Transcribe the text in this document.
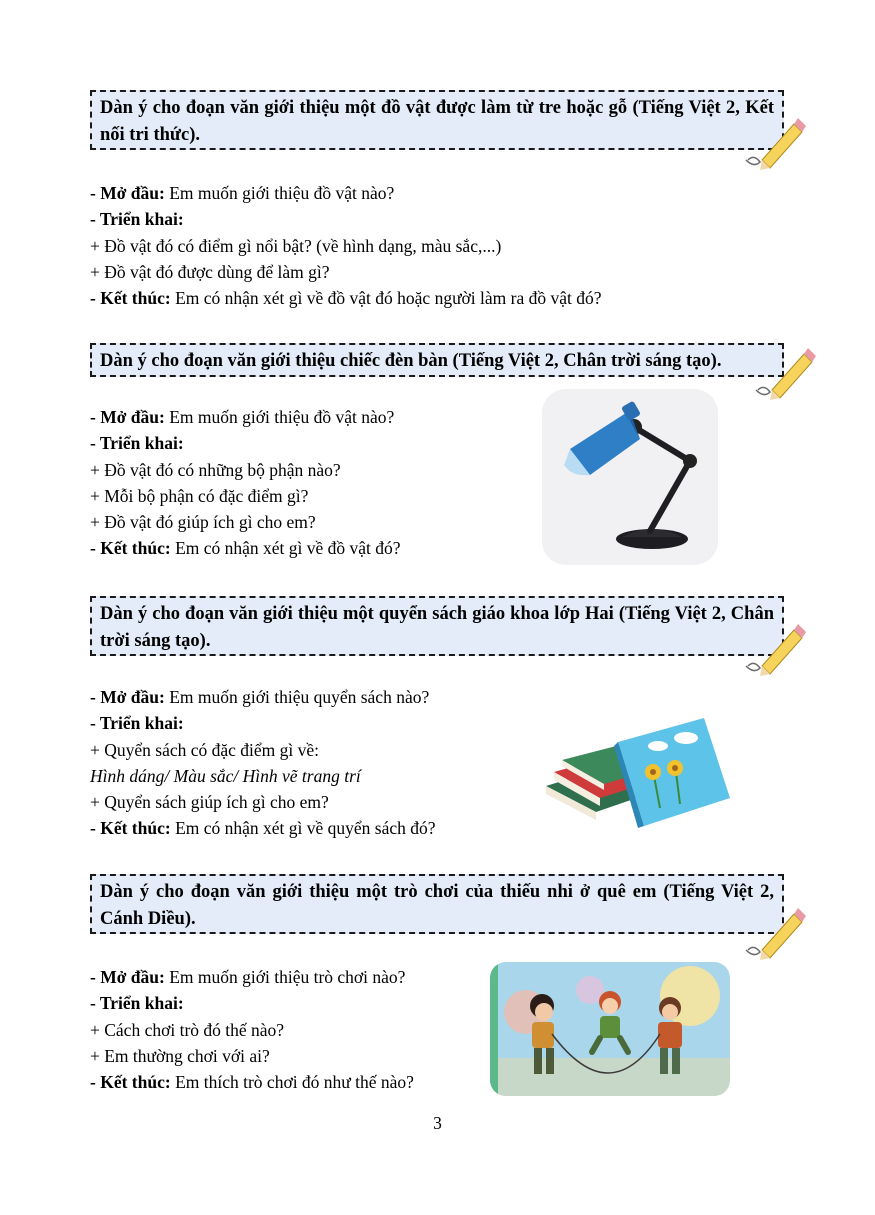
Dàn ý cho đoạn văn giới thiệu một đồ vật được làm từ tre hoặc gỗ (Tiếng Việt 2, Kết nối tri thức).
- Mở đầu: Em muốn giới thiệu đồ vật nào?
- Triển khai:
+ Đồ vật đó có điểm gì nổi bật? (về hình dạng, màu sắc,...)
+ Đồ vật đó được dùng để làm gì?
- Kết thúc: Em có nhận xét gì về đồ vật đó hoặc người làm ra đồ vật đó?
Dàn ý cho đoạn văn giới thiệu chiếc đèn bàn (Tiếng Việt 2, Chân trời sáng tạo).
- Mở đầu: Em muốn giới thiệu đồ vật nào?
- Triển khai:
+ Đồ vật đó có những bộ phận nào?
+ Mỗi bộ phận có đặc điểm gì?
+ Đồ vật đó giúp ích gì cho em?
- Kết thúc: Em có nhận xét gì về đồ vật đó?
Dàn ý cho đoạn văn giới thiệu một quyển sách giáo khoa lớp Hai (Tiếng Việt 2, Chân trời sáng tạo).
- Mở đầu: Em muốn giới thiệu quyển sách nào?
- Triển khai:
+ Quyển sách có đặc điểm gì về:
Hình dáng/ Màu sắc/ Hình vẽ trang trí
+ Quyển sách giúp ích gì cho em?
- Kết thúc: Em có nhận xét gì về quyển sách đó?
Dàn ý cho đoạn văn giới thiệu một trò chơi của thiếu nhi ở quê em (Tiếng Việt 2, Cánh Diều).
- Mở đầu: Em muốn giới thiệu trò chơi nào?
- Triển khai:
+ Cách chơi trò đó thế nào?
+ Em thường chơi với ai?
- Kết thúc: Em thích trò chơi đó như thế nào?
3
